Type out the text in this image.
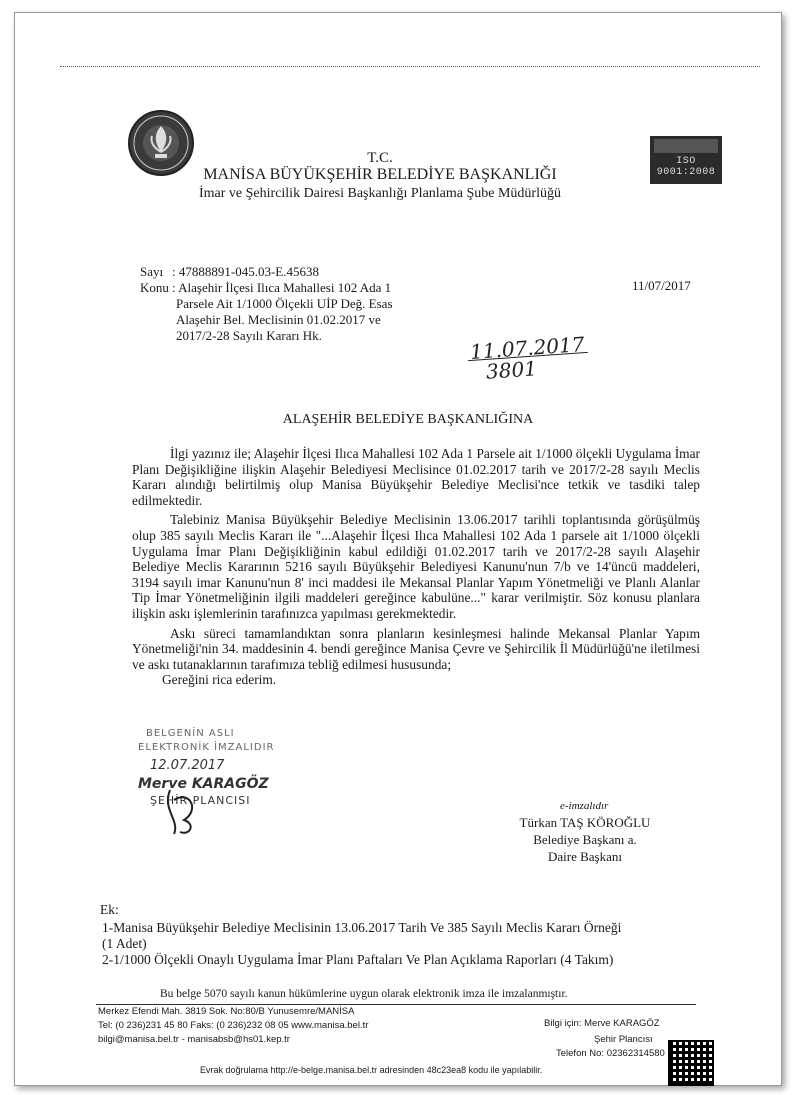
ISO 9001:2008
T.C.
MANİSA BÜYÜKŞEHİR BELEDİYE BAŞKANLIĞI
İmar ve Şehircilik Dairesi Başkanlığı Planlama Şube Müdürlüğü
Sayı : 47888891-045.03-E.45638
Konu : Alaşehir İlçesi Ilıca Mahallesi 102 Ada 1
Parsele Ait 1/1000 Ölçekli UİP Değ. Esas
Alaşehir Bel. Meclisinin 01.02.2017 ve
2017/2-28 Sayılı Kararı Hk.
11/07/2017
11.07.2017
3801
ALAŞEHİR BELEDİYE BAŞKANLIĞINA

İlgi yazınız ile; Alaşehir İlçesi Ilıca Mahallesi 102 Ada 1 Parsele ait 1/1000 ölçekli Uygulama İmar Planı Değişikliğine ilişkin Alaşehir Belediyesi Meclisince 01.02.2017 tarih ve 2017/2-28 sayılı Meclis Kararı alındığı belirtilmiş olup Manisa Büyükşehir Belediye Meclisi'nce tetkik ve tasdiki talep edilmektedir.

Talebiniz Manisa Büyükşehir Belediye Meclisinin 13.06.2017 tarihli toplantısında görüşülmüş olup 385 sayılı Meclis Kararı ile "...Alaşehir İlçesi Ilıca Mahallesi 102 Ada 1 parsele ait 1/1000 ölçekli Uygulama İmar Planı Değişikliğinin kabul edildiği 01.02.2017 tarih ve 2017/2-28 sayılı Alaşehir Belediye Meclis Kararının 5216 sayılı Büyükşehir Belediyesi Kanunu'nun 7/b ve 14'üncü maddeleri, 3194 sayılı imar Kanunu'nun 8' inci maddesi ile Mekansal Planlar Yapım Yönetmeliği ve Planlı Alanlar Tip İmar Yönetmeliğinin ilgili maddeleri gereğince kabulüne..." karar verilmiştir. Söz konusu planlara ilişkin askı işlemlerinin tarafınızca yapılması gerekmektedir.

Askı süreci tamamlandıktan sonra planların kesinleşmesi halinde Mekansal Planlar Yapım Yönetmeliği'nin 34. maddesinin 4. bendi gereğince Manisa Çevre ve Şehircilik İl Müdürlüğü'ne iletilmesi ve askı tutanaklarının tarafımıza tebliğ edilmesi hususunda;

Gereğini rica ederim.

BELGENİN ASLI
ELEKTRONİK İMZALIDIR
12.07.2017
Merve KARAGÖZ
ŞEHİR PLANCISI	e-imzalıdır
Türkan TAŞ KÖROĞLU
Belediye Başkanı a.
Daire Başkanı
Ek:
1-Manisa Büyükşehir Belediye Meclisinin 13.06.2017 Tarih Ve 385 Sayılı Meclis Kararı Örneği
(1 Adet)
2-1/1000 Ölçekli Onaylı Uygulama İmar Planı Paftaları Ve Plan Açıklama Raporları (4 Takım)
Bu belge 5070 sayılı kanun hükümlerine uygun olarak elektronik imza ile imzalanmıştır.
Merkez Efendi Mah. 3819 Sok. No:80/B Yunusemre/MANİSA
Tel: (0 236)231 45 80 Faks: (0 236)232 08 05 www.manisa.bel.tr
bilgi@manisa.bel.tr - manisabsb@hs01.kep.tr
Bilgi için: Merve KARAGÖZ
Şehir Plancısı
Telefon No: 02362314580
Evrak doğrulama http://e-belge.manisa.bel.tr adresinden 48c23ea8 kodu ile yapılabilir.
